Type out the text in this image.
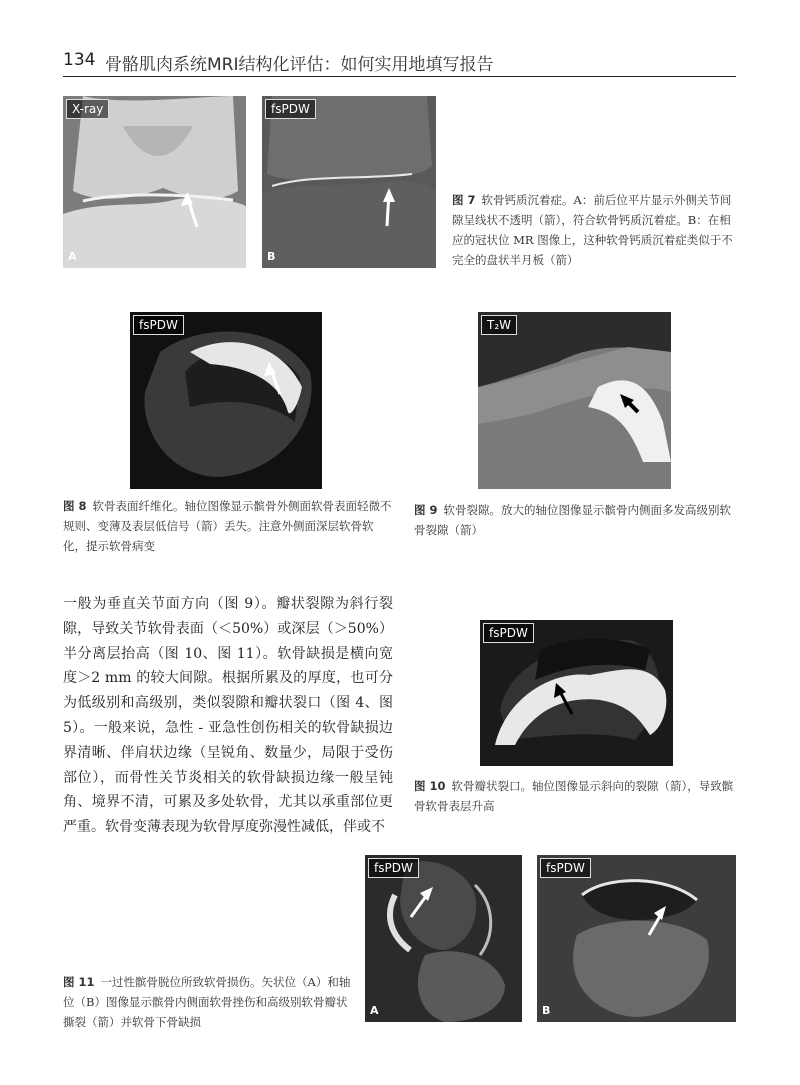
134 骨骼肌肉系统MRI结构化评估：如何实用地填写报告
X-ray
A
fsPDW
B
图 7 软骨钙质沉着症。A：前后位平片显示外侧关节间隙呈线状不透明（箭），符合软骨钙质沉着症。B：在相应的冠状位 MR 图像上，这种软骨钙质沉着症类似于不完全的盘状半月板（箭）
fsPDW
图 8 软骨表面纤维化。轴位图像显示髌骨外侧面软骨表面轻微不规则、变薄及表层低信号（箭）丢失。注意外侧面深层软骨软化，提示软骨病变
T₂W
图 9 软骨裂隙。放大的轴位图像显示髌骨内侧面多发高级别软骨裂隙（箭）
一般为垂直关节面方向（图 9）。瓣状裂隙为斜行裂隙，导致关节软骨表面（＜50%）或深层（＞50%）半分离层抬高（图 10、图 11）。软骨缺损是横向宽度＞2 mm 的较大间隙。根据所累及的厚度，也可分为低级别和高级别，类似裂隙和瓣状裂口（图 4、图 5）。一般来说，急性 - 亚急性创伤相关的软骨缺损边界清晰、伴肩状边缘（呈锐角、数量少，局限于受伤部位），而骨性关节炎相关的软骨缺损边缘一般呈钝角、境界不清，可累及多处软骨，尤其以承重部位更严重。软骨变薄表现为软骨厚度弥漫性减低，伴或不
fsPDW
图 10 软骨瓣状裂口。轴位图像显示斜向的裂隙（箭），导致髌骨软骨表层升高
fsPDW
A
fsPDW
B
图 11 一过性髌骨脱位所致软骨损伤。矢状位（A）和轴位（B）图像显示髌骨内侧面软骨挫伤和高级别软骨瓣状撕裂（箭）并软骨下骨缺损
